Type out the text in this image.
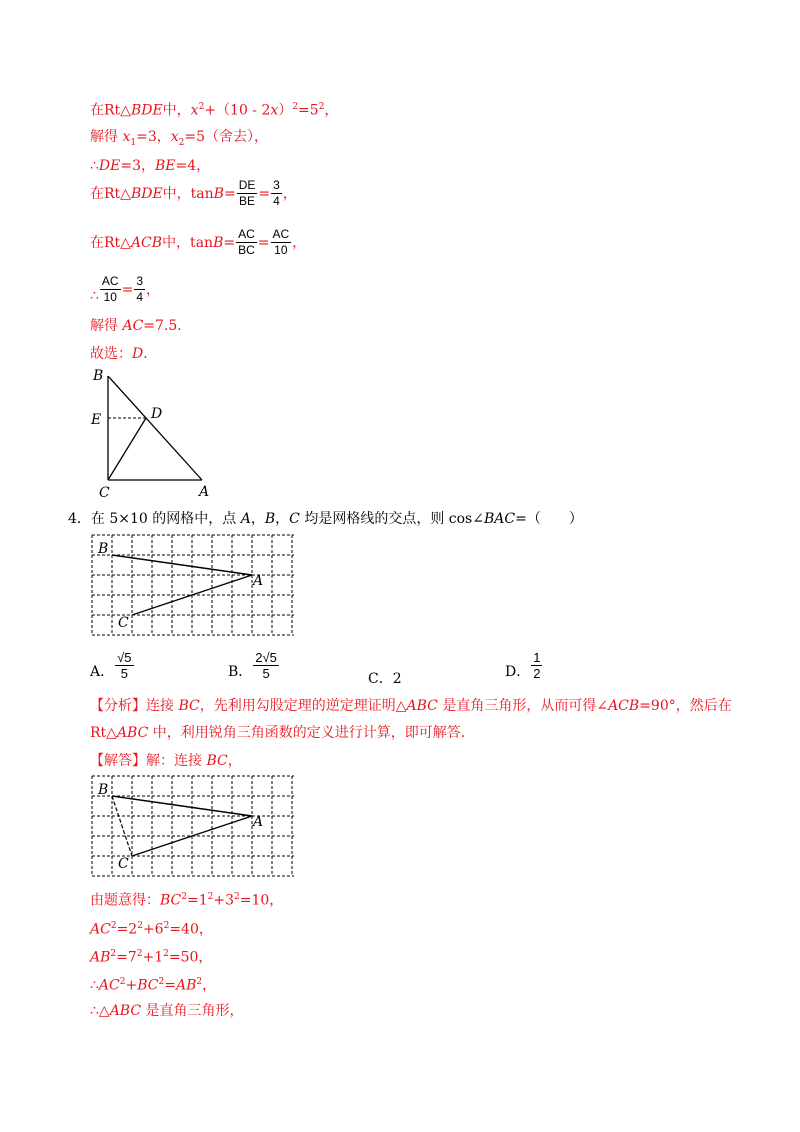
在Rt△BDE中，$x^2+(10 - 2x)^2=5^2$，
解得 $x_1=3$，$x_2=5$（舍去），
∴DE=3，BE=4，
在Rt△ BDE 中，$\tan B = \frac{DE}{BE} = \frac{3}{4}$ ，
在Rt△ ACB 中，$\tan B = \frac{AC}{BC} = \frac{AC}{10}$ ，
∴ $\frac{AC}{10} = \frac{3}{4}$ ，
解得 AC=7.5．
故选：D．
B
E	D
C	A
4．在 5×10 的网格中，点 A，B，C 均是网格线的交点，则 cos∠BAC=（　　）
B
A
C
A． $\frac{√5}{5}$	B． $\frac{2√5}{5}$	C．2	D． $\frac{1}{2}$
【分析】连接 BC，先利用勾股定理的逆定理证明△ABC 是直角三角形，从而可得∠ACB=90°，然后在
Rt△ABC 中，利用锐角三角函数的定义进行计算，即可解答．
【解答】解：连接 BC，
B
A
C
由题意得：$BC^2=1^2+3^2=10$，
$AC^2=2^2+6^2=40$，
$AB^2=7^2+1^2=50$，
$\therefore AC^2+BC^2=AB^2$，
∴△ABC 是直角三角形，
